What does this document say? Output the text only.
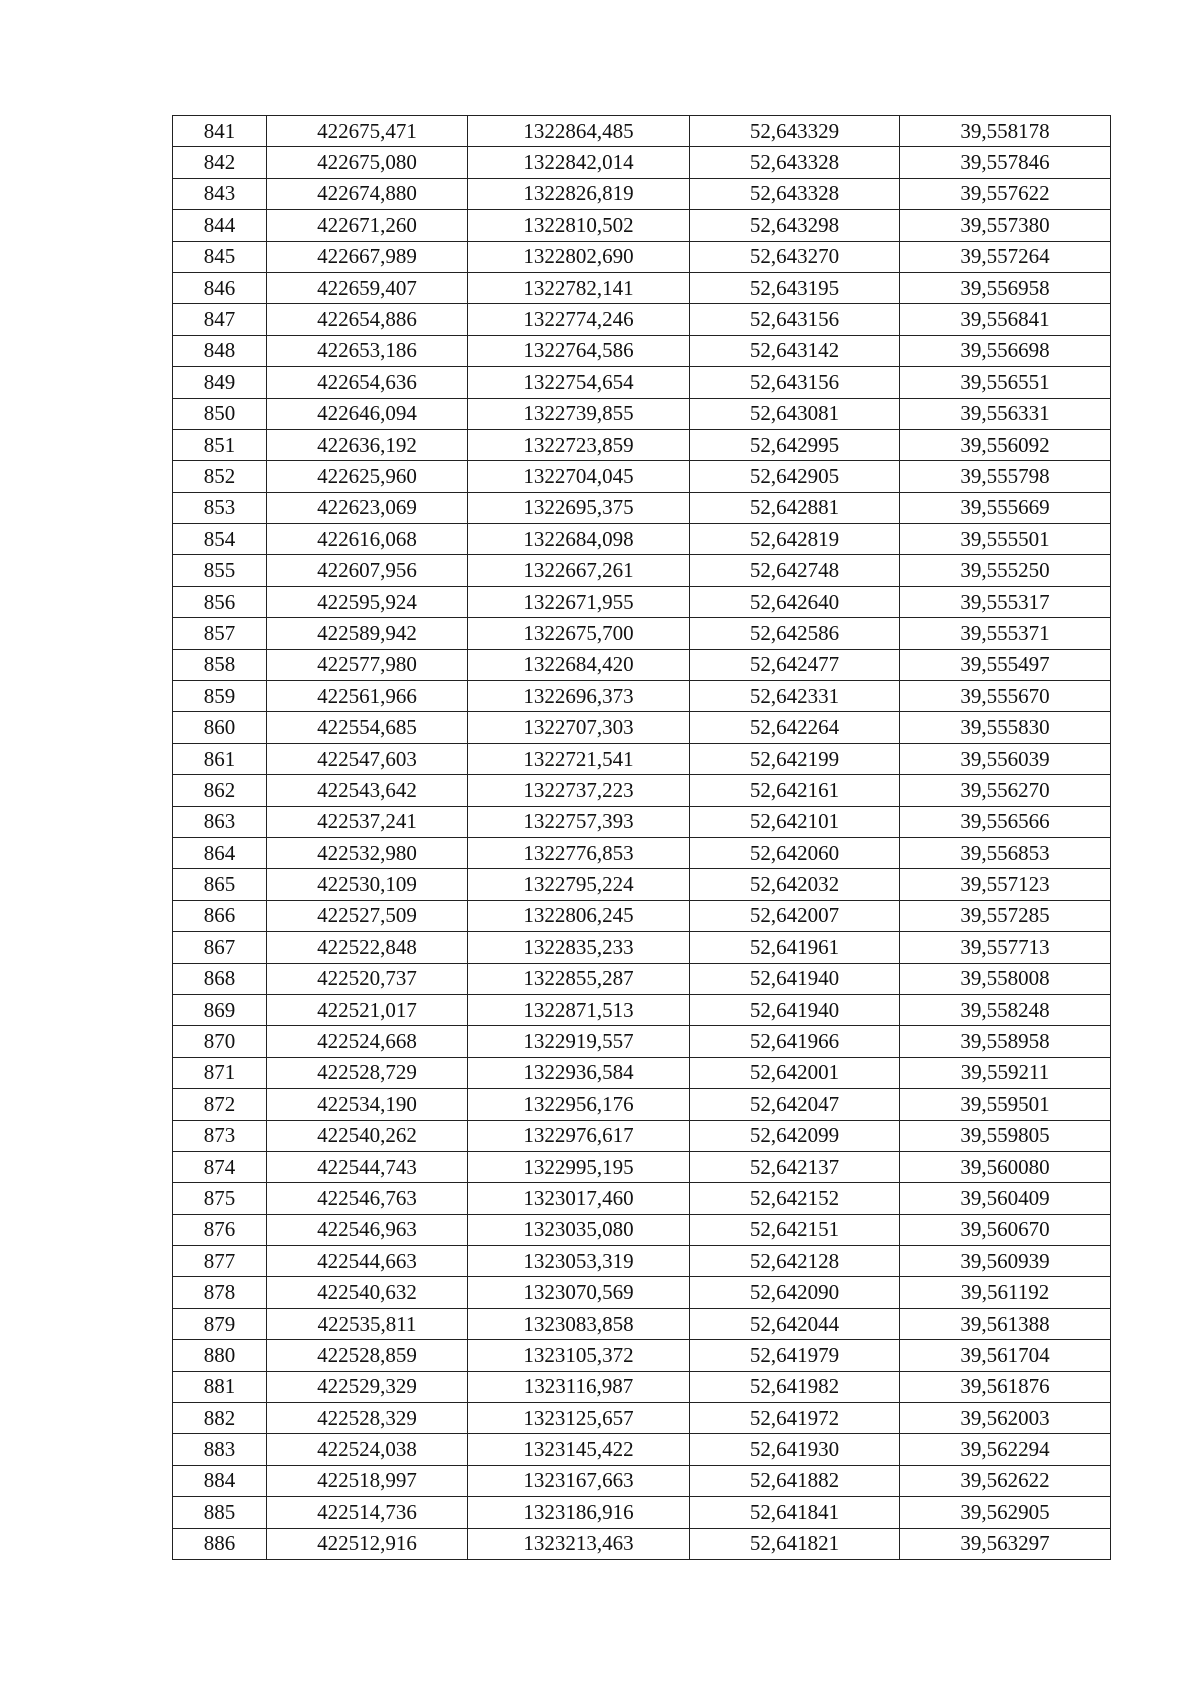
841	422675,471	1322864,485	52,643329	39,558178
842	422675,080	1322842,014	52,643328	39,557846
843	422674,880	1322826,819	52,643328	39,557622
844	422671,260	1322810,502	52,643298	39,557380
845	422667,989	1322802,690	52,643270	39,557264
846	422659,407	1322782,141	52,643195	39,556958
847	422654,886	1322774,246	52,643156	39,556841
848	422653,186	1322764,586	52,643142	39,556698
849	422654,636	1322754,654	52,643156	39,556551
850	422646,094	1322739,855	52,643081	39,556331
851	422636,192	1322723,859	52,642995	39,556092
852	422625,960	1322704,045	52,642905	39,555798
853	422623,069	1322695,375	52,642881	39,555669
854	422616,068	1322684,098	52,642819	39,555501
855	422607,956	1322667,261	52,642748	39,555250
856	422595,924	1322671,955	52,642640	39,555317
857	422589,942	1322675,700	52,642586	39,555371
858	422577,980	1322684,420	52,642477	39,555497
859	422561,966	1322696,373	52,642331	39,555670
860	422554,685	1322707,303	52,642264	39,555830
861	422547,603	1322721,541	52,642199	39,556039
862	422543,642	1322737,223	52,642161	39,556270
863	422537,241	1322757,393	52,642101	39,556566
864	422532,980	1322776,853	52,642060	39,556853
865	422530,109	1322795,224	52,642032	39,557123
866	422527,509	1322806,245	52,642007	39,557285
867	422522,848	1322835,233	52,641961	39,557713
868	422520,737	1322855,287	52,641940	39,558008
869	422521,017	1322871,513	52,641940	39,558248
870	422524,668	1322919,557	52,641966	39,558958
871	422528,729	1322936,584	52,642001	39,559211
872	422534,190	1322956,176	52,642047	39,559501
873	422540,262	1322976,617	52,642099	39,559805
874	422544,743	1322995,195	52,642137	39,560080
875	422546,763	1323017,460	52,642152	39,560409
876	422546,963	1323035,080	52,642151	39,560670
877	422544,663	1323053,319	52,642128	39,560939
878	422540,632	1323070,569	52,642090	39,561192
879	422535,811	1323083,858	52,642044	39,561388
880	422528,859	1323105,372	52,641979	39,561704
881	422529,329	1323116,987	52,641982	39,561876
882	422528,329	1323125,657	52,641972	39,562003
883	422524,038	1323145,422	52,641930	39,562294
884	422518,997	1323167,663	52,641882	39,562622
885	422514,736	1323186,916	52,641841	39,562905
886	422512,916	1323213,463	52,641821	39,563297
